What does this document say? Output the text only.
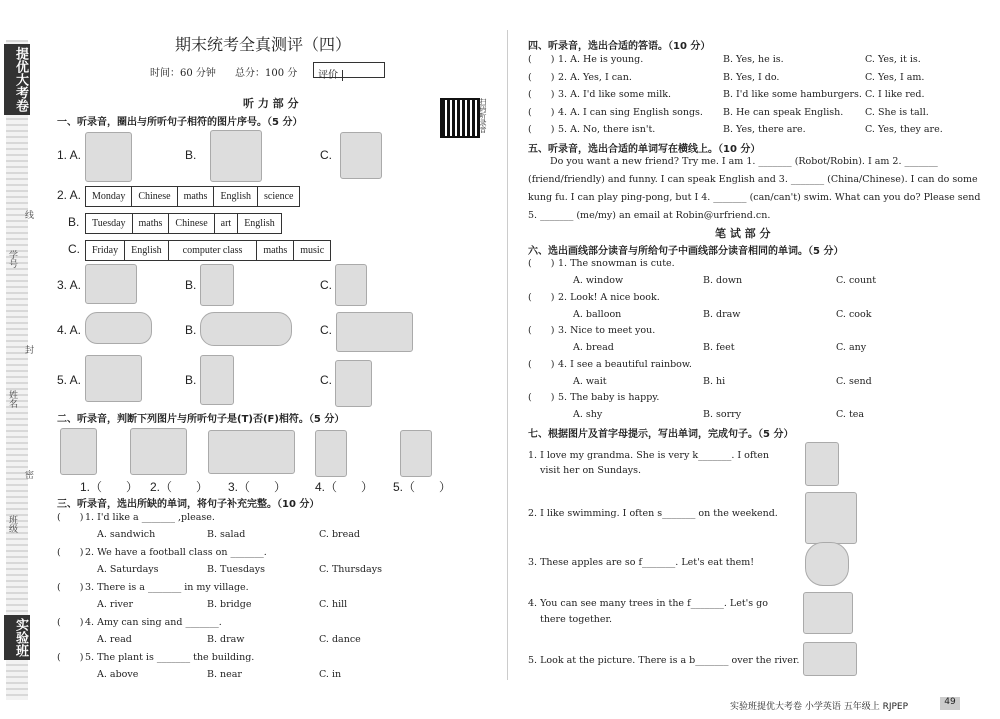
提优大考卷
学号
线
封
姓名
密
班级
实验班
期末统考全真测评（四）
时间：60 分钟 总分：100 分	评价
扫码听录音
听 力 部 分
一、听录音，圈出与所听句子相符的图片序号。（5 分）
1. A.	B.	C.
2. A. Monday	Chinese	maths	English	science
B. Tuesday	maths	Chinese	art	English
C. Friday	English	computer class	maths	music
3. A.	B.	C.
4. A.	B.	C.
5. A.	B.	C.
二、听录音，判断下列图片与所听句子是(T)否(F)相符。（5 分）
1.（　　） 2.（　　） 3.（　　） 4.（　　） 5.（　　）
三、听录音，选出所缺的单词，将句子补充完整。（10 分）
(　　) 1. I'd like a _______ ,please.
A. sandwich	B. salad	C. bread
(　　) 2. We have a football class on _______.
A. Saturdays	B. Tuesdays	C. Thursdays
(　　) 3. There is a _______ in my village.
A. river	B. bridge	C. hill
(　　) 4. Amy can sing and _______.
A. read	B. draw	C. dance
(　　) 5. The plant is _______ the building.
A. above	B. near	C. in
四、听录音，选出合适的答语。（10 分）
(　　) 1. A. He is young.	B. Yes, he is.	C. Yes, it is.
(　　) 2. A. Yes, I can.	B. Yes, I do.	C. Yes, I am.
(　　) 3. A. I'd like some milk.	B. I'd like some hamburgers. C. I like red.
(　　) 4. A. I can sing English songs. B. He can speak English. C. She is tall.
(　　) 5. A. No, there isn't.	B. Yes, there are.	C. Yes, they are.
五、听录音，选出合适的单词写在横线上。（10 分）
Do you want a new friend? Try me. I am 1. _______ (Robot/Robin). I am 2. _______
(friend/friendly) and funny. I can speak English and 3. _______ (China/Chinese). I can do some
kung fu. I can play ping-pong, but I 4. _______ (can/can't) swim. What can you do? Please send
5. _______ (me/my) an email at Robin@urfriend.cn.
笔 试 部 分
六、选出画线部分读音与所给句子中画线部分读音相同的单词。（5 分）
(　　) 1. The snowman is cute.
A. window	B. down	C. count
(　　) 2. Look! A nice book.
A. balloon	B. draw	C. cook
(　　) 3. Nice to meet you.
A. bread	B. feet	C. any
(　　) 4. I see a beautiful rainbow.
A. wait	B. hi	C. send
(　　) 5. The baby is happy.
A. shy	B. sorry	C. tea
七、根据图片及首字母提示，写出单词，完成句子。（5 分）
1. I love my grandma. She is very k_______. I often
visit her on Sundays.
2. I like swimming. I often s_______ on the weekend.
3. These apples are so f_______. Let's eat them!
4. You can see many trees in the f_______. Let's go
there together.
5. Look at the picture. There is a b_______ over the river.
实验班提优大考卷 小学英语 五年级上 RJPEP	49
